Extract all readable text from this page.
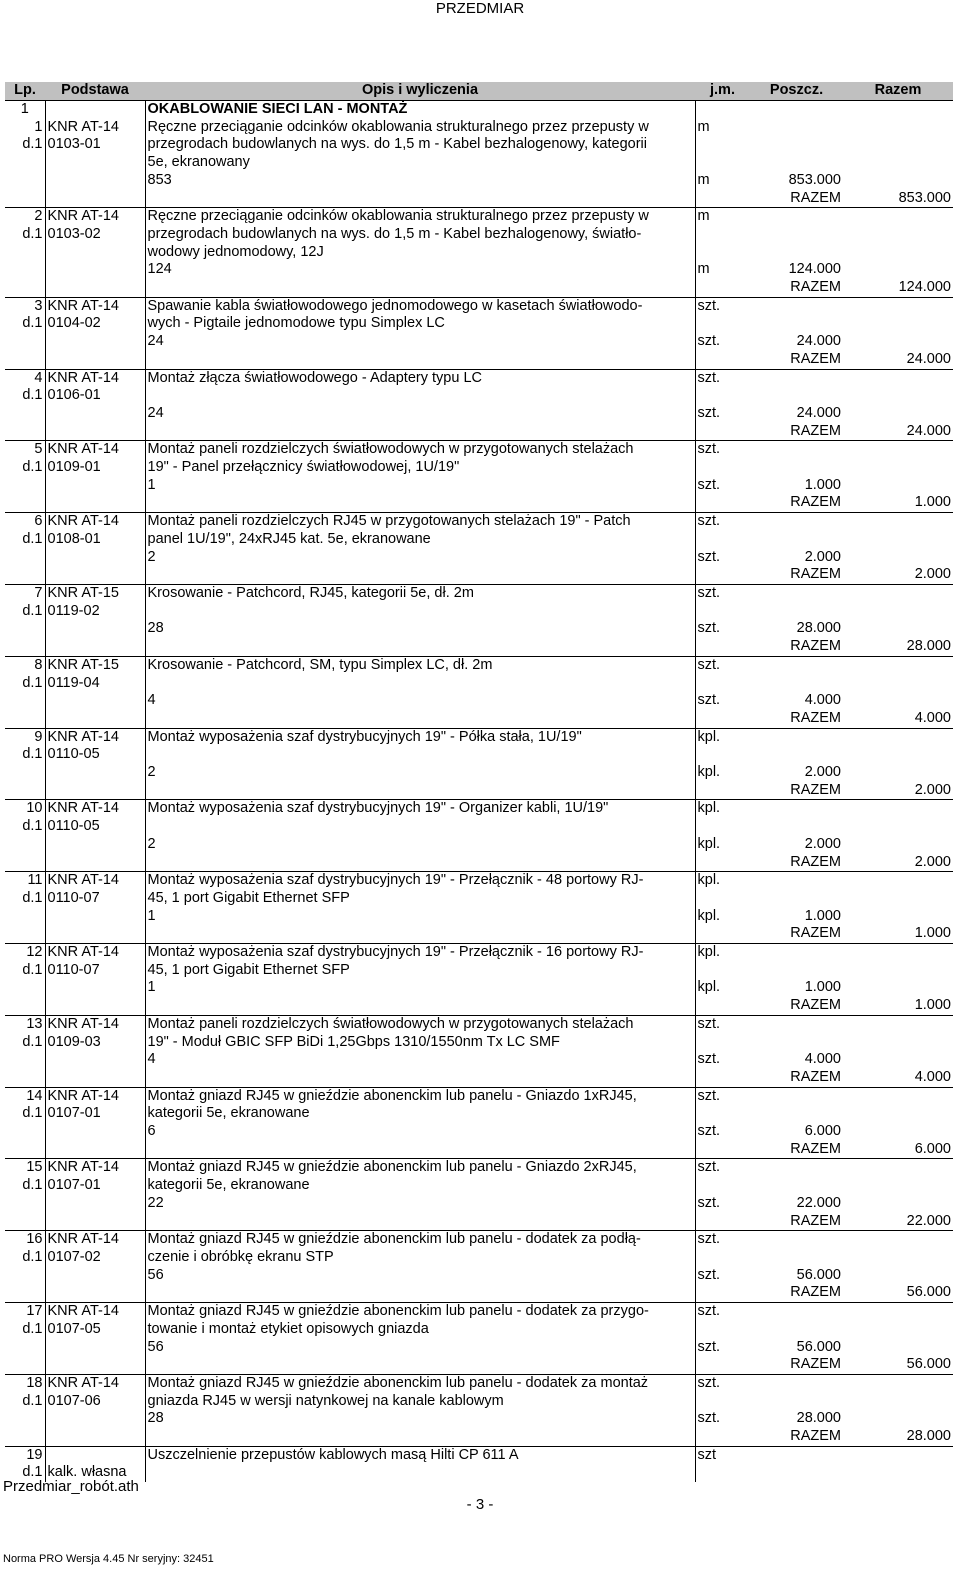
PRZEDMIAR
Lp.	Podstawa	Opis i wyliczenia	j.m.	Poszcz.	Razem
1		OKABLOWANIE SIECI LAN - MONTAŻ			
1	KNR AT-14	Ręczne przeciąganie odcinków okablowania strukturalnego przez przepusty w	m		
d.1	0103-01	przegrodach budowlanych na wys. do 1,5 m - Kabel bezhalogenowy, kategorii			
		5e, ekranowany			
		853	m	853.000	
				RAZEM	853.000
2	KNR AT-14	Ręczne przeciąganie odcinków okablowania strukturalnego przez przepusty w	m		
d.1	0103-02	przegrodach budowlanych na wys. do 1,5 m - Kabel bezhalogenowy, światło-			
		wodowy jednomodowy, 12J			
		124	m	124.000	
				RAZEM	124.000
3	KNR AT-14	Spawanie kabla światłowodowego jednomodowego w kasetach światłowodo-	szt.		
d.1	0104-02	wych - Pigtaile jednomodowe typu Simplex LC			
		24	szt.	24.000	
				RAZEM	24.000
4	KNR AT-14	Montaż złącza światłowodowego - Adaptery typu LC	szt.		
d.1	0106-01				
		24	szt.	24.000	
				RAZEM	24.000
5	KNR AT-14	Montaż paneli rozdzielczych światłowodowych w przygotowanych stelażach	szt.		
d.1	0109-01	19" - Panel przełącznicy światłowodowej, 1U/19"			
		1	szt.	1.000	
				RAZEM	1.000
6	KNR AT-14	Montaż paneli rozdzielczych RJ45 w przygotowanych stelażach 19" - Patch	szt.		
d.1	0108-01	panel 1U/19", 24xRJ45 kat. 5e, ekranowane			
		2	szt.	2.000	
				RAZEM	2.000
7	KNR AT-15	Krosowanie - Patchcord, RJ45, kategorii 5e, dł. 2m	szt.		
d.1	0119-02				
		28	szt.	28.000	
				RAZEM	28.000
8	KNR AT-15	Krosowanie - Patchcord, SM, typu Simplex LC, dł. 2m	szt.		
d.1	0119-04				
		4	szt.	4.000	
				RAZEM	4.000
9	KNR AT-14	Montaż wyposażenia szaf dystrybucyjnych 19" - Półka stała, 1U/19"	kpl.		
d.1	0110-05				
		2	kpl.	2.000	
				RAZEM	2.000
10	KNR AT-14	Montaż wyposażenia szaf dystrybucyjnych 19" - Organizer kabli, 1U/19"	kpl.		
d.1	0110-05				
		2	kpl.	2.000	
				RAZEM	2.000
11	KNR AT-14	Montaż wyposażenia szaf dystrybucyjnych 19" - Przełącznik - 48 portowy RJ-	kpl.		
d.1	0110-07	45, 1 port Gigabit Ethernet SFP			
		1	kpl.	1.000	
				RAZEM	1.000
12	KNR AT-14	Montaż wyposażenia szaf dystrybucyjnych 19" - Przełącznik - 16 portowy RJ-	kpl.		
d.1	0110-07	45, 1 port Gigabit Ethernet SFP			
		1	kpl.	1.000	
				RAZEM	1.000
13	KNR AT-14	Montaż paneli rozdzielczych światłowodowych w przygotowanych stelażach	szt.		
d.1	0109-03	19" - Moduł GBIC SFP BiDi 1,25Gbps 1310/1550nm Tx LC SMF			
		4	szt.	4.000	
				RAZEM	4.000
14	KNR AT-14	Montaż gniazd RJ45 w gnieździe abonenckim lub panelu - Gniazdo 1xRJ45,	szt.		
d.1	0107-01	kategorii 5e, ekranowane			
		6	szt.	6.000	
				RAZEM	6.000
15	KNR AT-14	Montaż gniazd RJ45 w gnieździe abonenckim lub panelu - Gniazdo 2xRJ45,	szt.		
d.1	0107-01	kategorii 5e, ekranowane			
		22	szt.	22.000	
				RAZEM	22.000
16	KNR AT-14	Montaż gniazd RJ45 w gnieździe abonenckim lub panelu - dodatek za podłą-	szt.		
d.1	0107-02	czenie i obróbkę ekranu STP			
		56	szt.	56.000	
				RAZEM	56.000
17	KNR AT-14	Montaż gniazd RJ45 w gnieździe abonenckim lub panelu - dodatek za przygo-	szt.		
d.1	0107-05	towanie i montaż etykiet opisowych gniazda			
		56	szt.	56.000	
				RAZEM	56.000
18	KNR AT-14	Montaż gniazd RJ45 w gnieździe abonenckim lub panelu - dodatek za montaż	szt.		
d.1	0107-06	gniazda RJ45 w wersji natynkowej na kanale kablowym			
		28	szt.	28.000	
				RAZEM	28.000
19		Uszczelnienie przepustów kablowych masą Hilti CP 611 A	szt		
d.1	kalk. własna				
Przedmiar_robót.ath
- 3 -
Norma PRO Wersja 4.45 Nr seryjny: 32451
